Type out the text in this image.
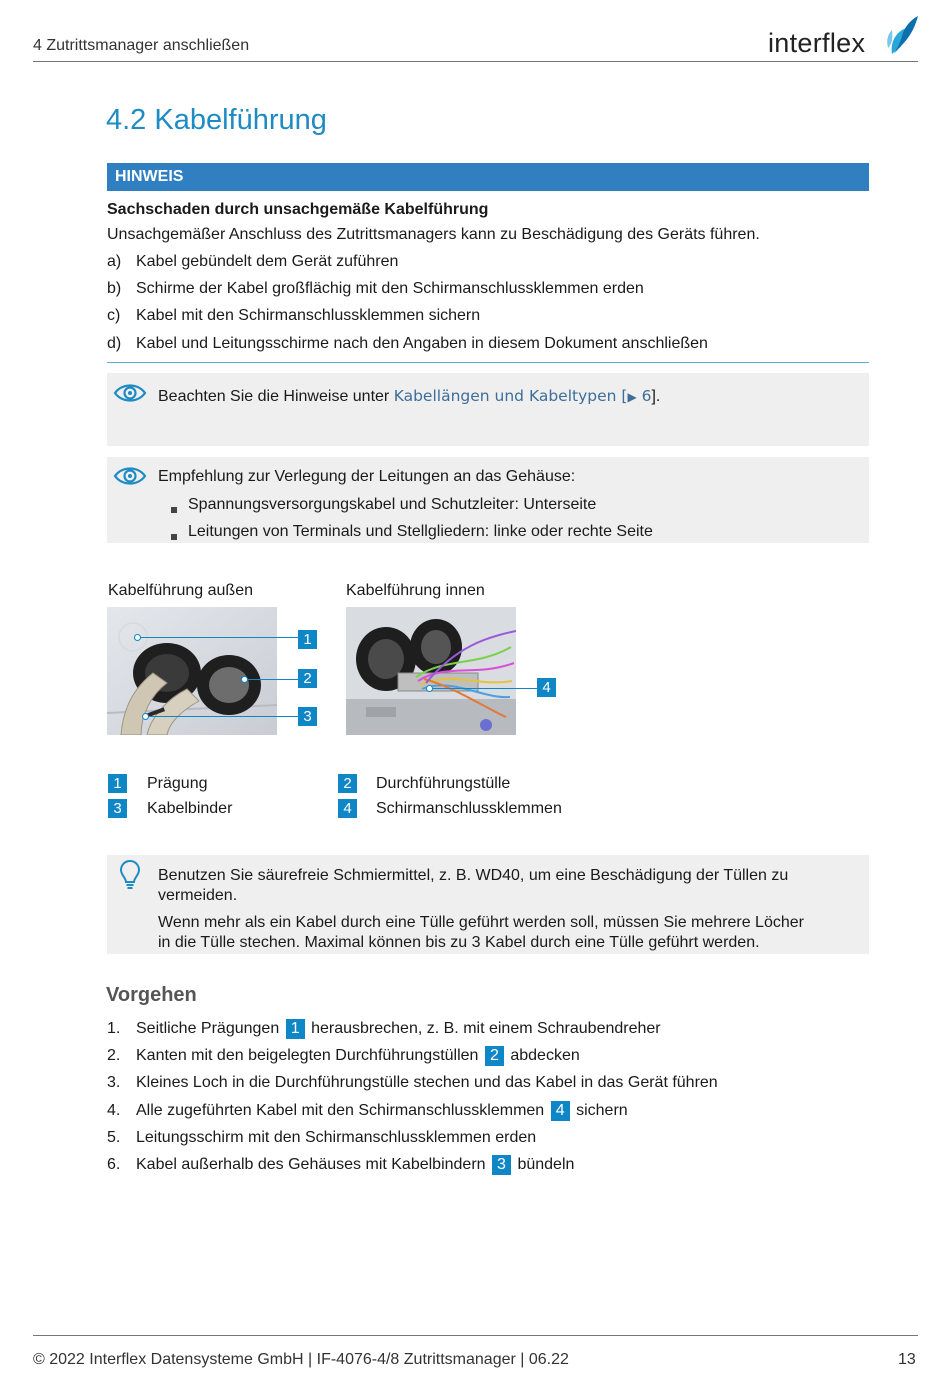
4 Zutrittsmanager anschließen	interflex
4.2 Kabelführung
HINWEIS
Sachschaden durch unsachgemäße Kabelführung
Unsachgemäßer Anschluss des Zutrittsmanagers kann zu Beschädigung des Geräts führen.
a) Kabel gebündelt dem Gerät zuführen
b) Schirme der Kabel großflächig mit den Schirmanschlussklemmen erden
c) Kabel mit den Schirmanschlussklemmen sichern
d) Kabel und Leitungsschirme nach den Angaben in diesem Dokument anschließen
Beachten Sie die Hinweise unter Kabellängen und Kabeltypen [▶ 6].
Empfehlung zur Verlegung der Leitungen an das Gehäuse:
Spannungsversorgungskabel und Schutzleiter: Unterseite
Leitungen von Terminals und Stellgliedern: linke oder rechte Seite
Kabelführung außen	Kabelführung innen
1
2
3
4
1	Prägung	2	Durchführungstülle
3	Kabelbinder	4	Schirmanschlussklemmen
Benutzen Sie säurefreie Schmiermittel, z. B. WD40, um eine Beschädigung der Tüllen zu
vermeiden.
Wenn mehr als ein Kabel durch eine Tülle geführt werden soll, müssen Sie mehrere Löcher
in die Tülle stechen. Maximal können bis zu 3 Kabel durch eine Tülle geführt werden.
Vorgehen
1. Seitliche Prägungen 1 herausbrechen, z. B. mit einem Schraubendreher
2. Kanten mit den beigelegten Durchführungstüllen 2 abdecken
3. Kleines Loch in die Durchführungstülle stechen und das Kabel in das Gerät führen
4. Alle zugeführten Kabel mit den Schirmanschlussklemmen 4 sichern
5. Leitungsschirm mit den Schirmanschlussklemmen erden
6. Kabel außerhalb des Gehäuses mit Kabelbindern 3 bündeln
© 2022 Interflex Datensysteme GmbH | IF-4076-4/8 Zutrittsmanager | 06.22	13
